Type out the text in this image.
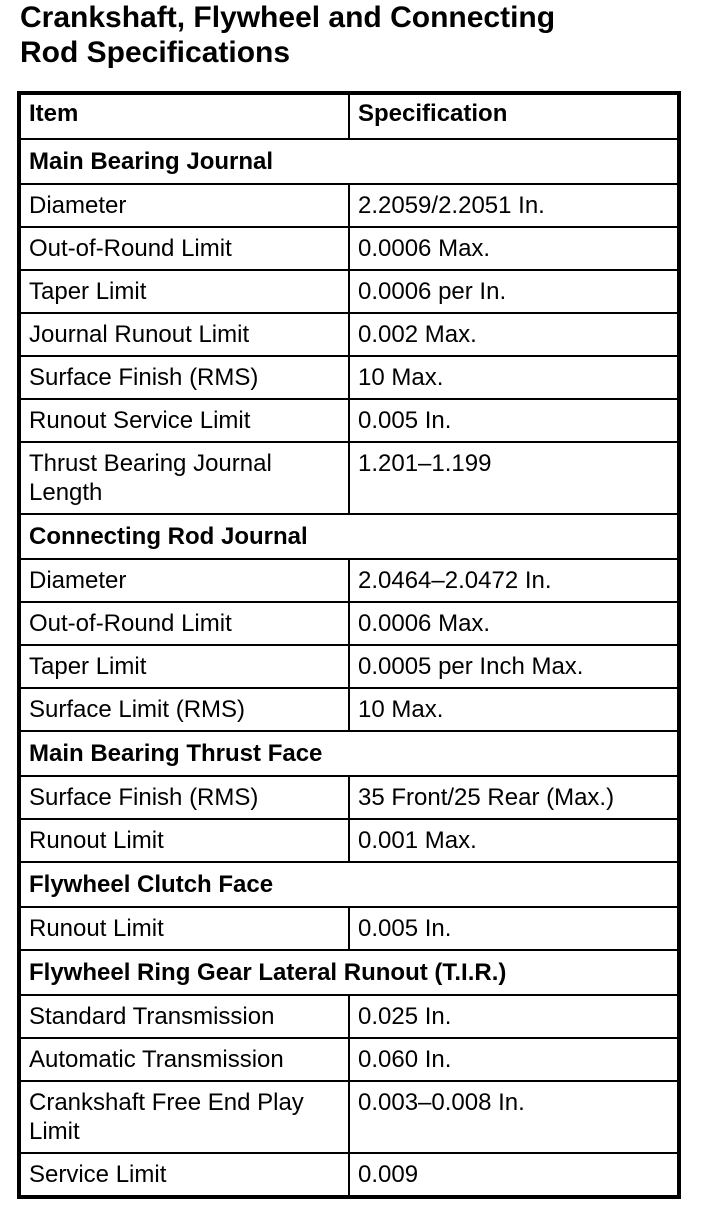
Crankshaft, Flywheel and Connecting
Rod Specifications
Item	Specification
Main Bearing Journal	
Diameter	2.2059/2.2051 In.
Out-of-Round Limit	0.0006 Max.
Taper Limit	0.0006 per In.
Journal Runout Limit	0.002 Max.
Surface Finish (RMS)	10 Max.
Runout Service Limit	0.005 In.
Thrust Bearing Journal Length	1.201–1.199
Connecting Rod Journal	
Diameter	2.0464–2.0472 In.
Out-of-Round Limit	0.0006 Max.
Taper Limit	0.0005 per Inch Max.
Surface Limit (RMS)	10 Max.
Main Bearing Thrust Face	
Surface Finish (RMS)	35 Front/25 Rear (Max.)
Runout Limit	0.001 Max.
Flywheel Clutch Face	
Runout Limit	0.005 In.
Flywheel Ring Gear Lateral Runout (T.I.R.)	
Standard Transmission	0.025 In.
Automatic Transmission	0.060 In.
Crankshaft Free End Play Limit	0.003–0.008 In.
Service Limit	0.009
